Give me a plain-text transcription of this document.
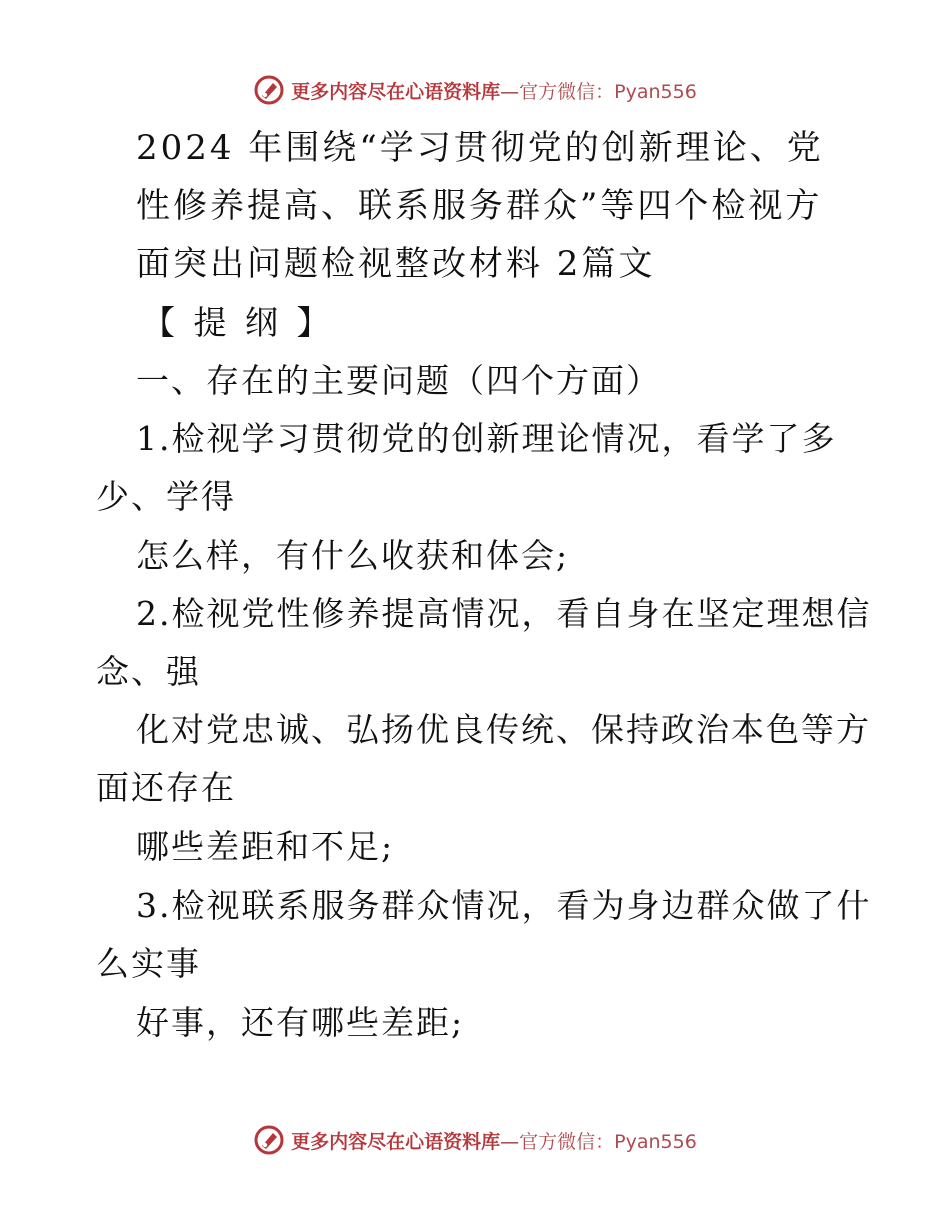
更多内容尽在心语资料库—官方微信：Pyan556
2024 年围绕“学习贯彻党的创新理论、党
性修养提高、联系服务群众”等四个检视方
面突出问题检视整改材料 2篇文
【 提 纲 】
一、存在的主要问题（四个方面）
1.检视学习贯彻党的创新理论情况，看学了多
少、学得
怎么样，有什么收获和体会;
2.检视党性修养提高情况，看自身在坚定理想信
念、强
化对党忠诚、弘扬优良传统、保持政治本色等方
面还存在
哪些差距和不足;
3.检视联系服务群众情况，看为身边群众做了什
么实事
好事，还有哪些差距;
更多内容尽在心语资料库—官方微信：Pyan556
